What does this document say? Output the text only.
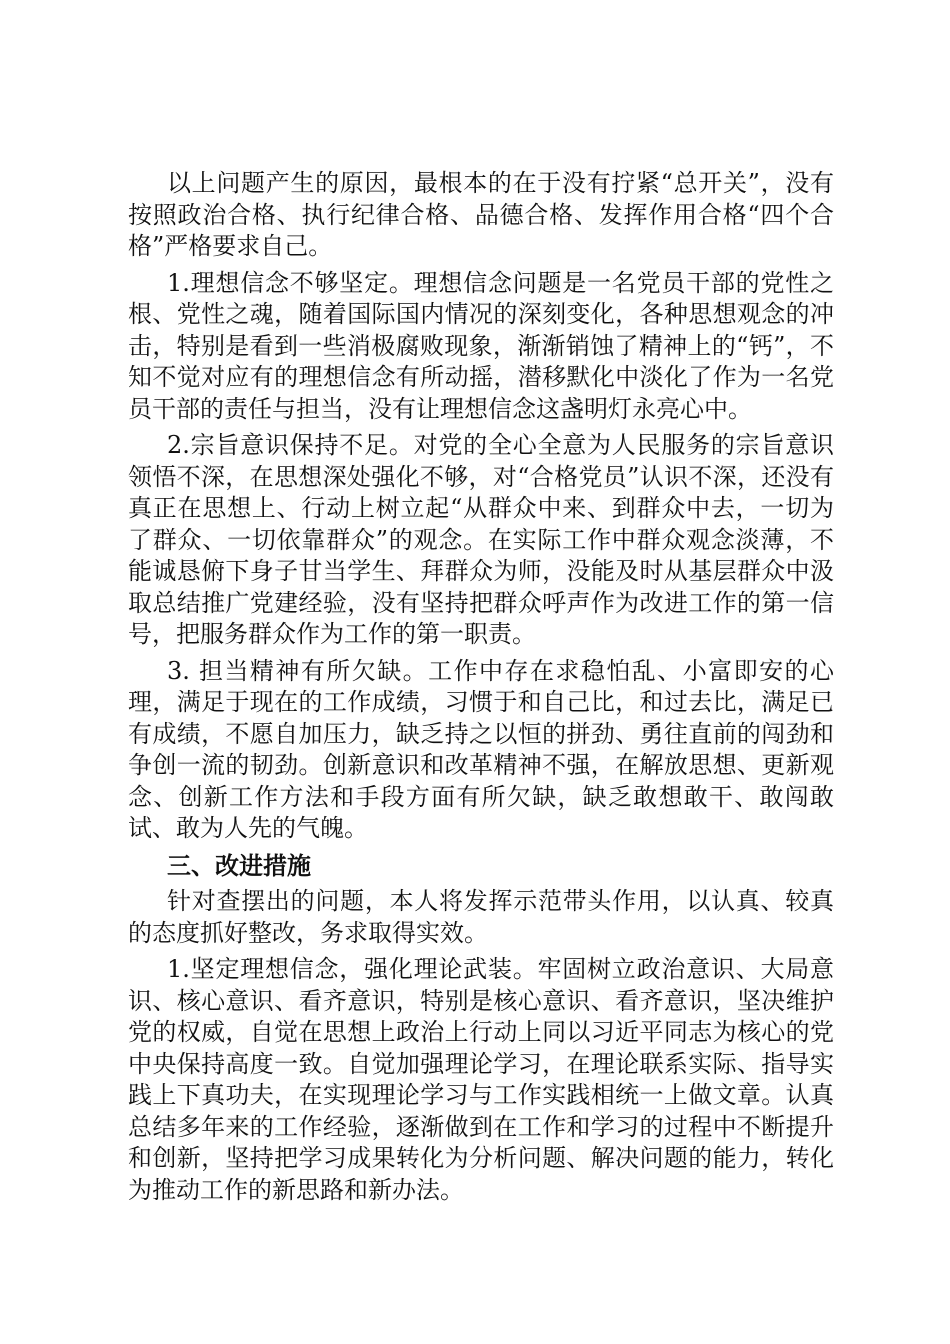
以上问题产生的原因，最根本的在于没有拧紧“总开关”，没有按照政治合格、执行纪律合格、品德合格、发挥作用合格“四个合格”严格要求自己。

1.理想信念不够坚定。理想信念问题是一名党员干部的党性之根、党性之魂，随着国际国内情况的深刻变化，各种思想观念的冲击，特别是看到一些消极腐败现象，渐渐销蚀了精神上的“钙”，不知不觉对应有的理想信念有所动摇，潜移默化中淡化了作为一名党员干部的责任与担当，没有让理想信念这盏明灯永亮心中。

2.宗旨意识保持不足。对党的全心全意为人民服务的宗旨意识领悟不深，在思想深处强化不够，对“合格党员”认识不深，还没有真正在思想上、行动上树立起“从群众中来、到群众中去，一切为了群众、一切依靠群众”的观念。在实际工作中群众观念淡薄，不能诚恳俯下身子甘当学生、拜群众为师，没能及时从基层群众中汲取总结推广党建经验，没有坚持把群众呼声作为改进工作的第一信号，把服务群众作为工作的第一职责。

3. 担当精神有所欠缺。工作中存在求稳怕乱、小富即安的心理，满足于现在的工作成绩，习惯于和自己比，和过去比，满足已有成绩，不愿自加压力，缺乏持之以恒的拼劲、勇往直前的闯劲和争创一流的韧劲。创新意识和改革精神不强，在解放思想、更新观念、创新工作方法和手段方面有所欠缺，缺乏敢想敢干、敢闯敢试、敢为人先的气魄。

三、改进措施

针对查摆出的问题，本人将发挥示范带头作用，以认真、较真的态度抓好整改，务求取得实效。

1.坚定理想信念，强化理论武装。牢固树立政治意识、大局意识、核心意识、看齐意识，特别是核心意识、看齐意识，坚决维护党的权威，自觉在思想上政治上行动上同以习近平同志为核心的党中央保持高度一致。自觉加强理论学习，在理论联系实际、指导实践上下真功夫，在实现理论学习与工作实践相统一上做文章。认真总结多年来的工作经验，逐渐做到在工作和学习的过程中不断提升和创新，坚持把学习成果转化为分析问题、解决问题的能力，转化为推动工作的新思路和新办法。
